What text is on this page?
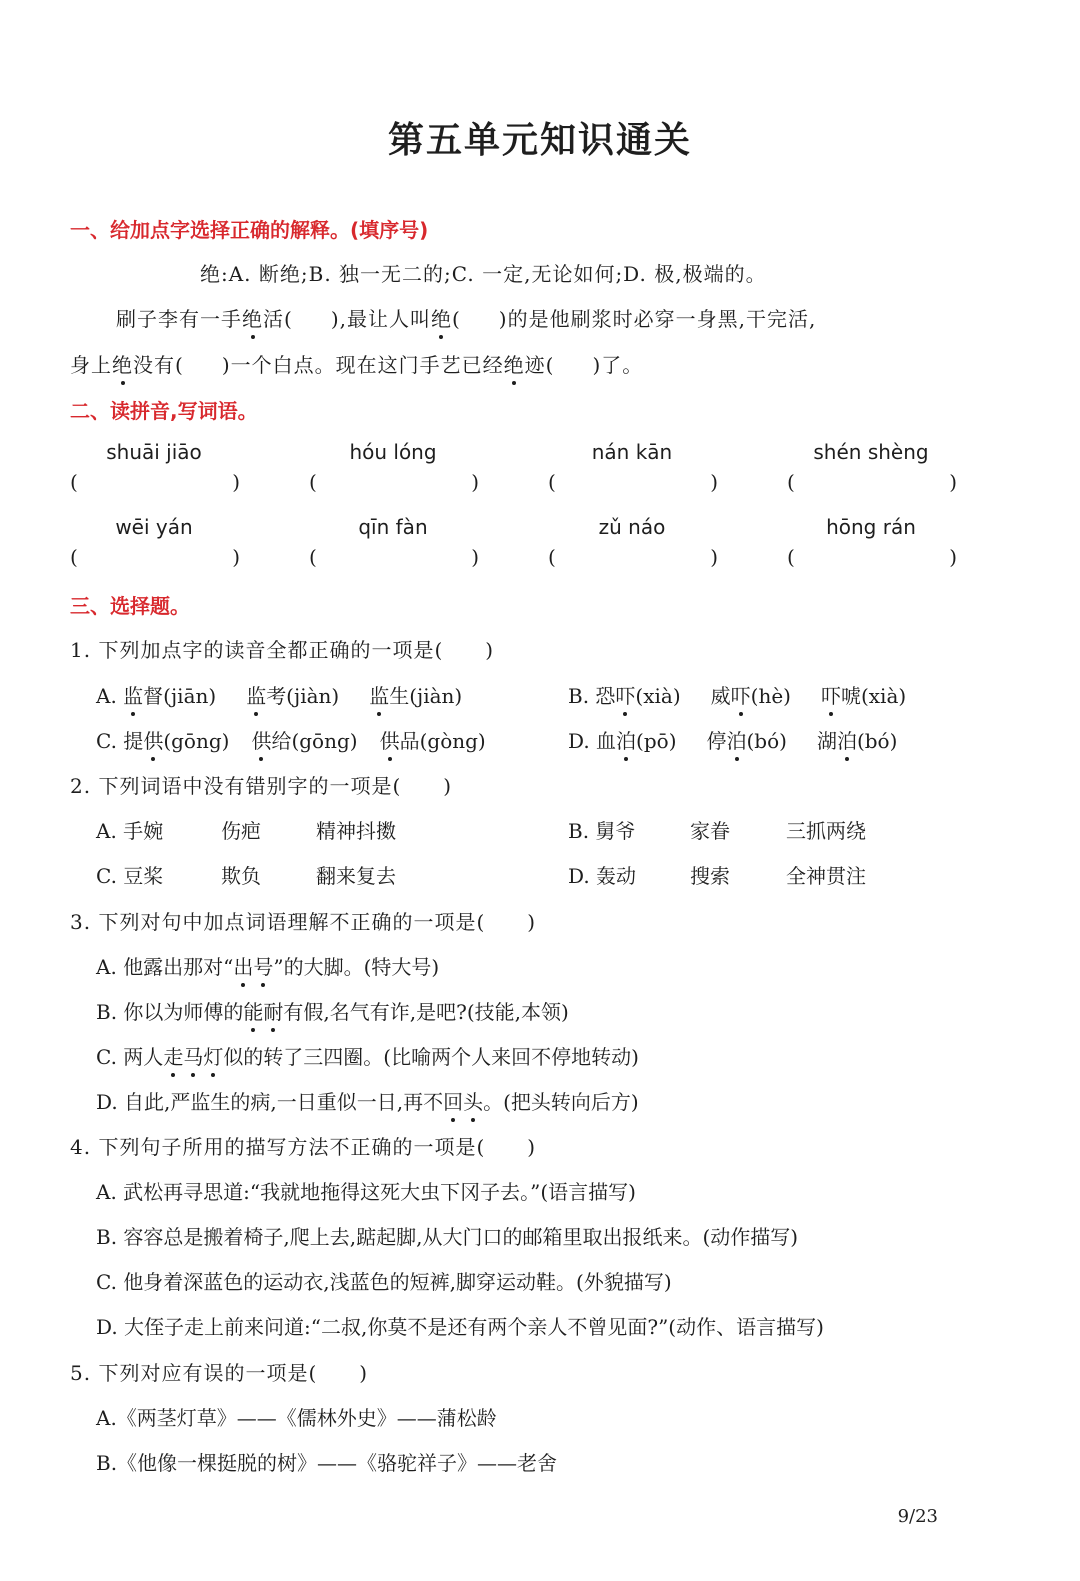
第五单元知识通关
一、给加点字选择正确的解释。(填序号)
绝:A. 断绝;B. 独一无二的;C. 一定,无论如何;D. 极,极端的。
刷子李有一手绝活( ),最让人叫绝( )的是他刷浆时必穿一身黑,干完活,
身上绝没有( )一个白点。现在这门手艺已经绝迹( )了。
二、读拼音,写词语。
shuāi jiāo	hóu lóng	nán kān	shén shèng
(	)	(	)	(	)	(	)
wēi yán	qīn fàn	zǔ náo	hōng rán
(	)	(	)	(	)	(	)
三、选择题。
1. 下列加点字的读音全都正确的一项是( )
A. 监督(jiān) 监考(jiàn) 监生(jiàn)	B. 恐吓(xià) 威吓(hè) 吓唬(xià)
C. 提供(gōng) 供给(gōng) 供品(gòng)	D. 血泊(pō) 停泊(bó) 湖泊(bó)
2. 下列词语中没有错别字的一项是( )
A. 手婉	伤疤	精神抖擞	B. 舅爷	家眷	三抓两绕
C. 豆桨	欺负	翻来复去	D. 轰动	搜索	全神贯注
3. 下列对句中加点词语理解不正确的一项是( )
A. 他露出那对“出号”的大脚。(特大号)
B. 你以为师傅的能耐有假,名气有诈,是吧?(技能,本领)
C. 两人走马灯似的转了三四圈。(比喻两个人来回不停地转动)
D. 自此,严监生的病,一日重似一日,再不回头。(把头转向后方)
4. 下列句子所用的描写方法不正确的一项是( )
A. 武松再寻思道:“我就地拖得这死大虫下冈子去。”(语言描写)
B. 容容总是搬着椅子,爬上去,踮起脚,从大门口的邮箱里取出报纸来。(动作描写)
C. 他身着深蓝色的运动衣,浅蓝色的短裤,脚穿运动鞋。(外貌描写)
D. 大侄子走上前来问道:“二叔,你莫不是还有两个亲人不曾见面?”(动作、语言描写)
5. 下列对应有误的一项是( )
A.《两茎灯草》——《儒林外史》——蒲松龄
B.《他像一棵挺脱的树》——《骆驼祥子》——老舍
9/23
